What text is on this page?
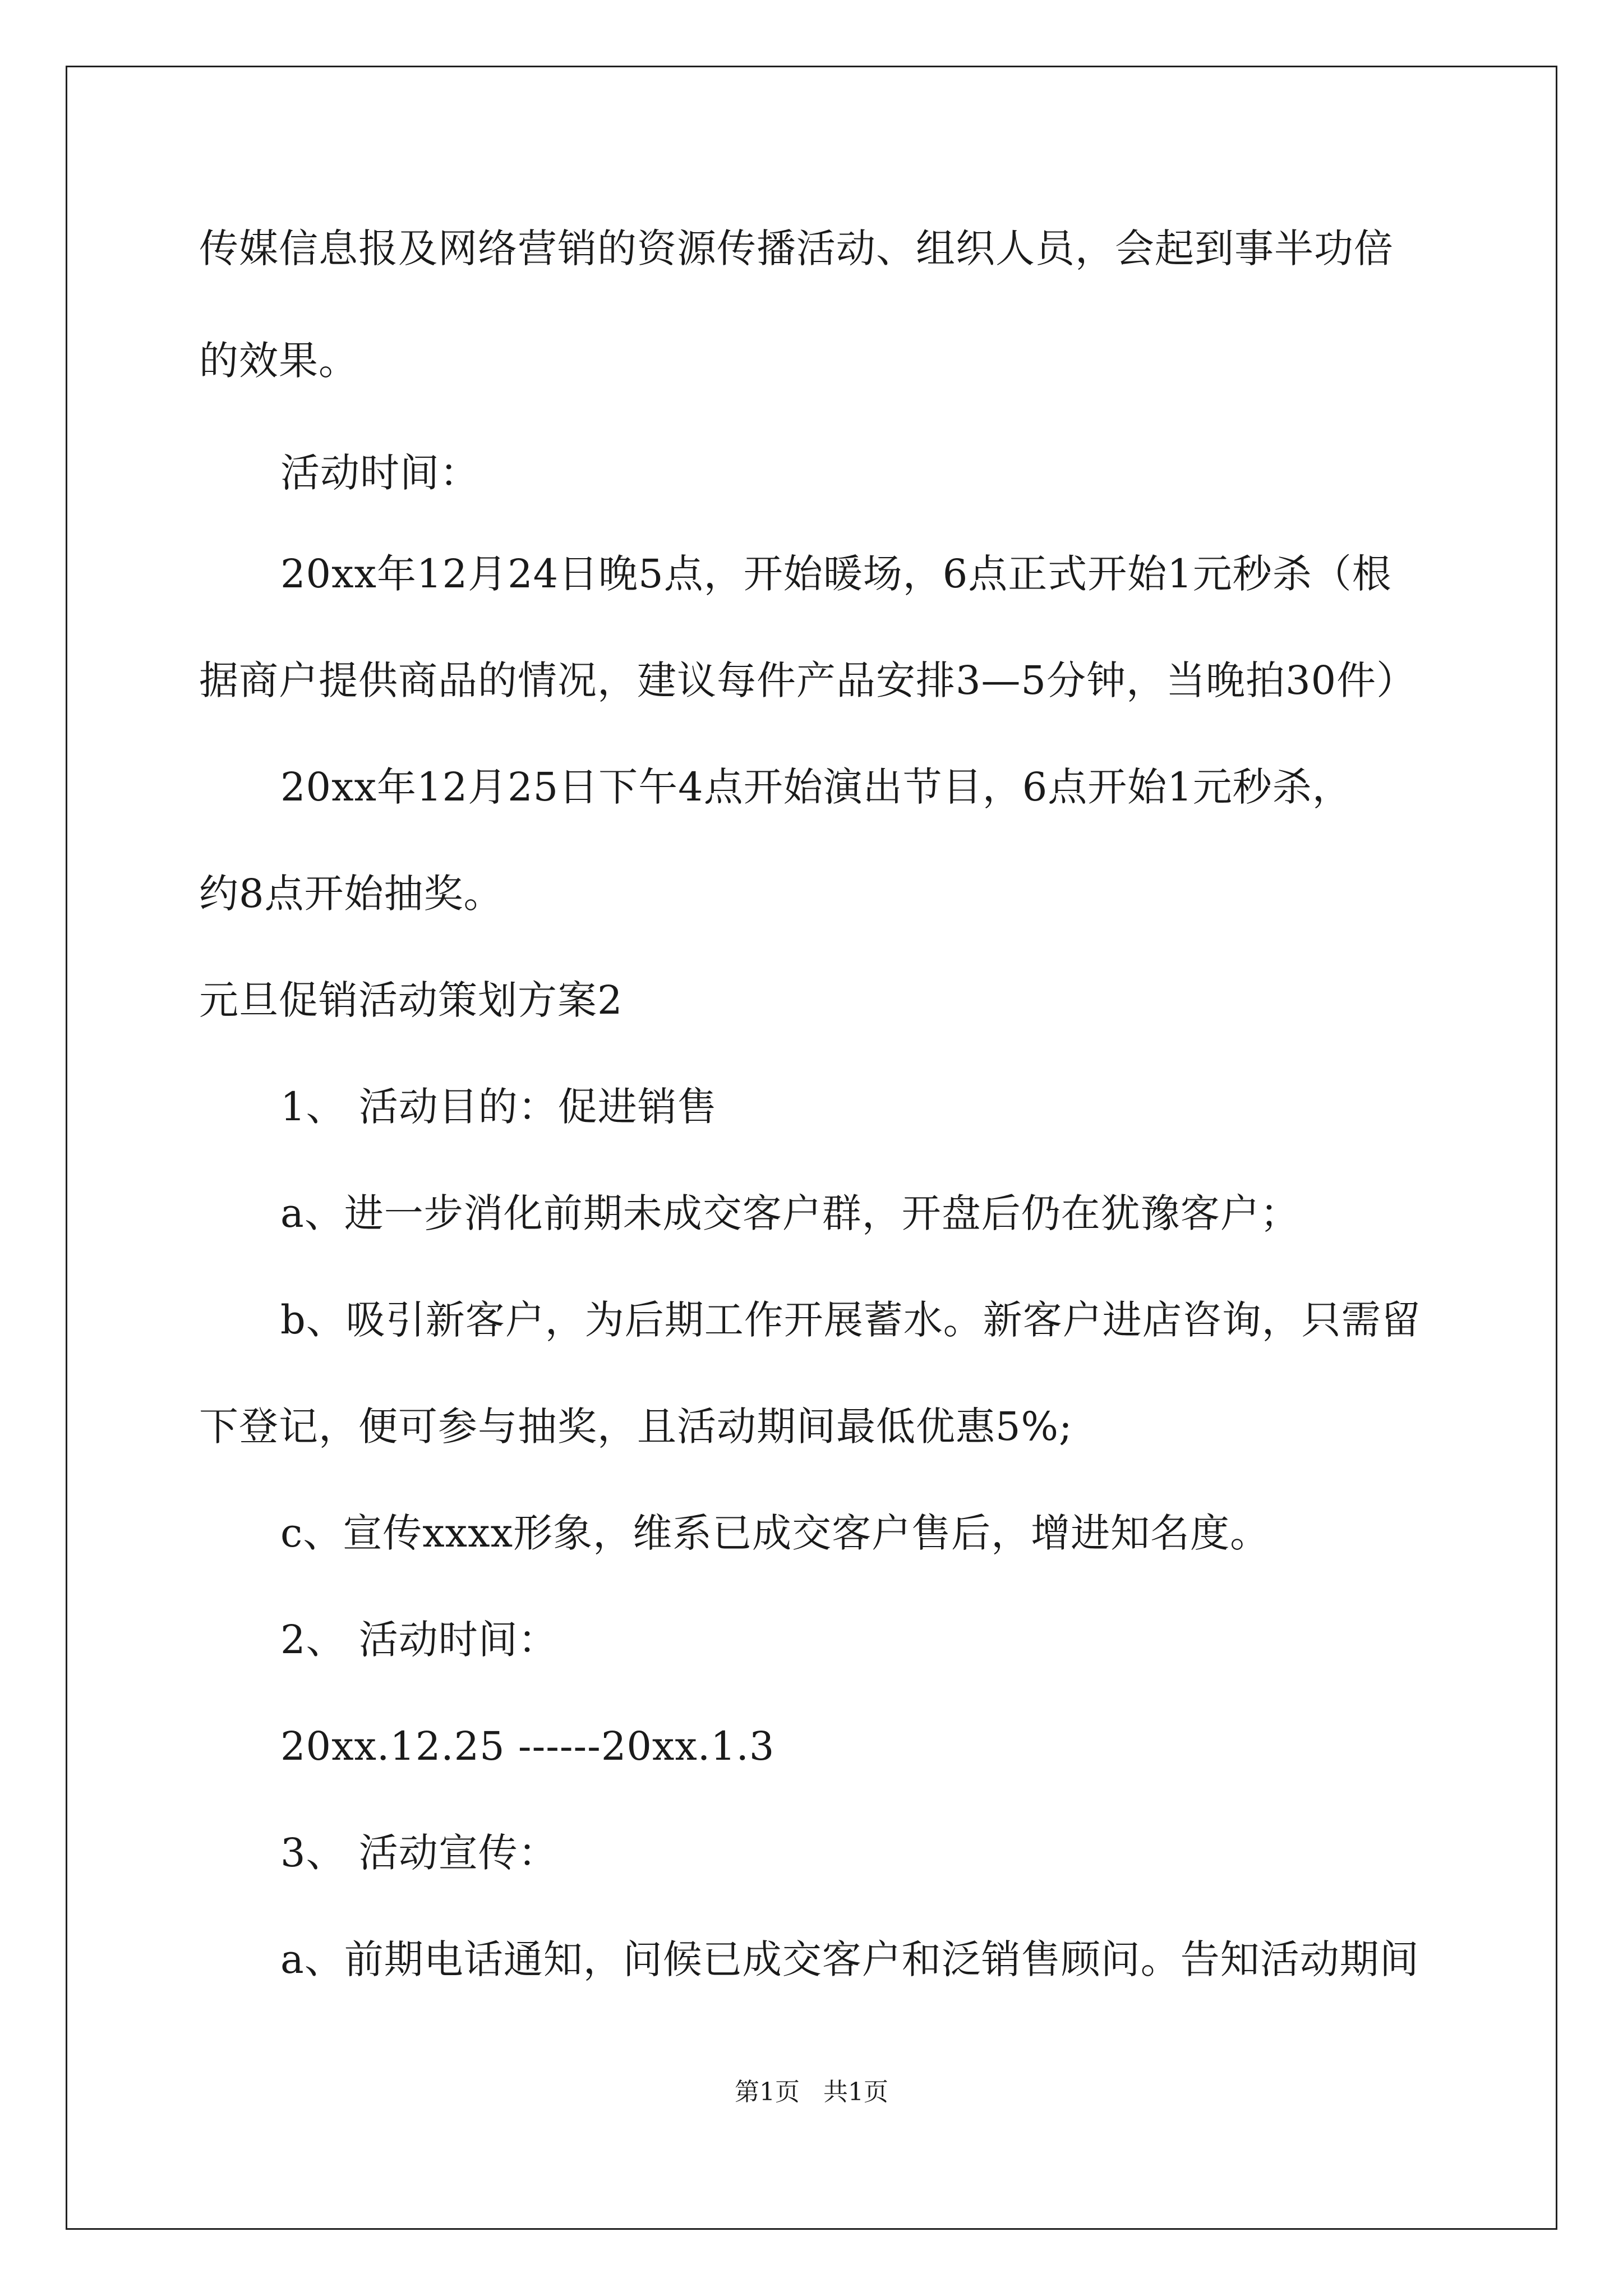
传媒信息报及网络营销的资源传播活动、组织人员，会起到事半功倍
的效果。
活动时间：
20xx年12月24日晚5点，开始暖场，6点正式开始1元秒杀（根
据商户提供商品的情况，建议每件产品安排3—5分钟，当晚拍30件）
20xx年12月25日下午4点开始演出节目，6点开始1元秒杀，
约8点开始抽奖。
元旦促销活动策划方案2
1、 活动目的：促进销售
a、进一步消化前期未成交客户群，开盘后仍在犹豫客户；
b、吸引新客户，为后期工作开展蓄水。新客户进店咨询，只需留
下登记，便可参与抽奖，且活动期间最低优惠5%;
c、宣传xxxx形象，维系已成交客户售后，增进知名度。
2、 活动时间：
20xx.12.25 ------20xx.1.3
3、 活动宣传：
a、前期电话通知，问候已成交客户和泛销售顾问。告知活动期间
第1页   共1页
